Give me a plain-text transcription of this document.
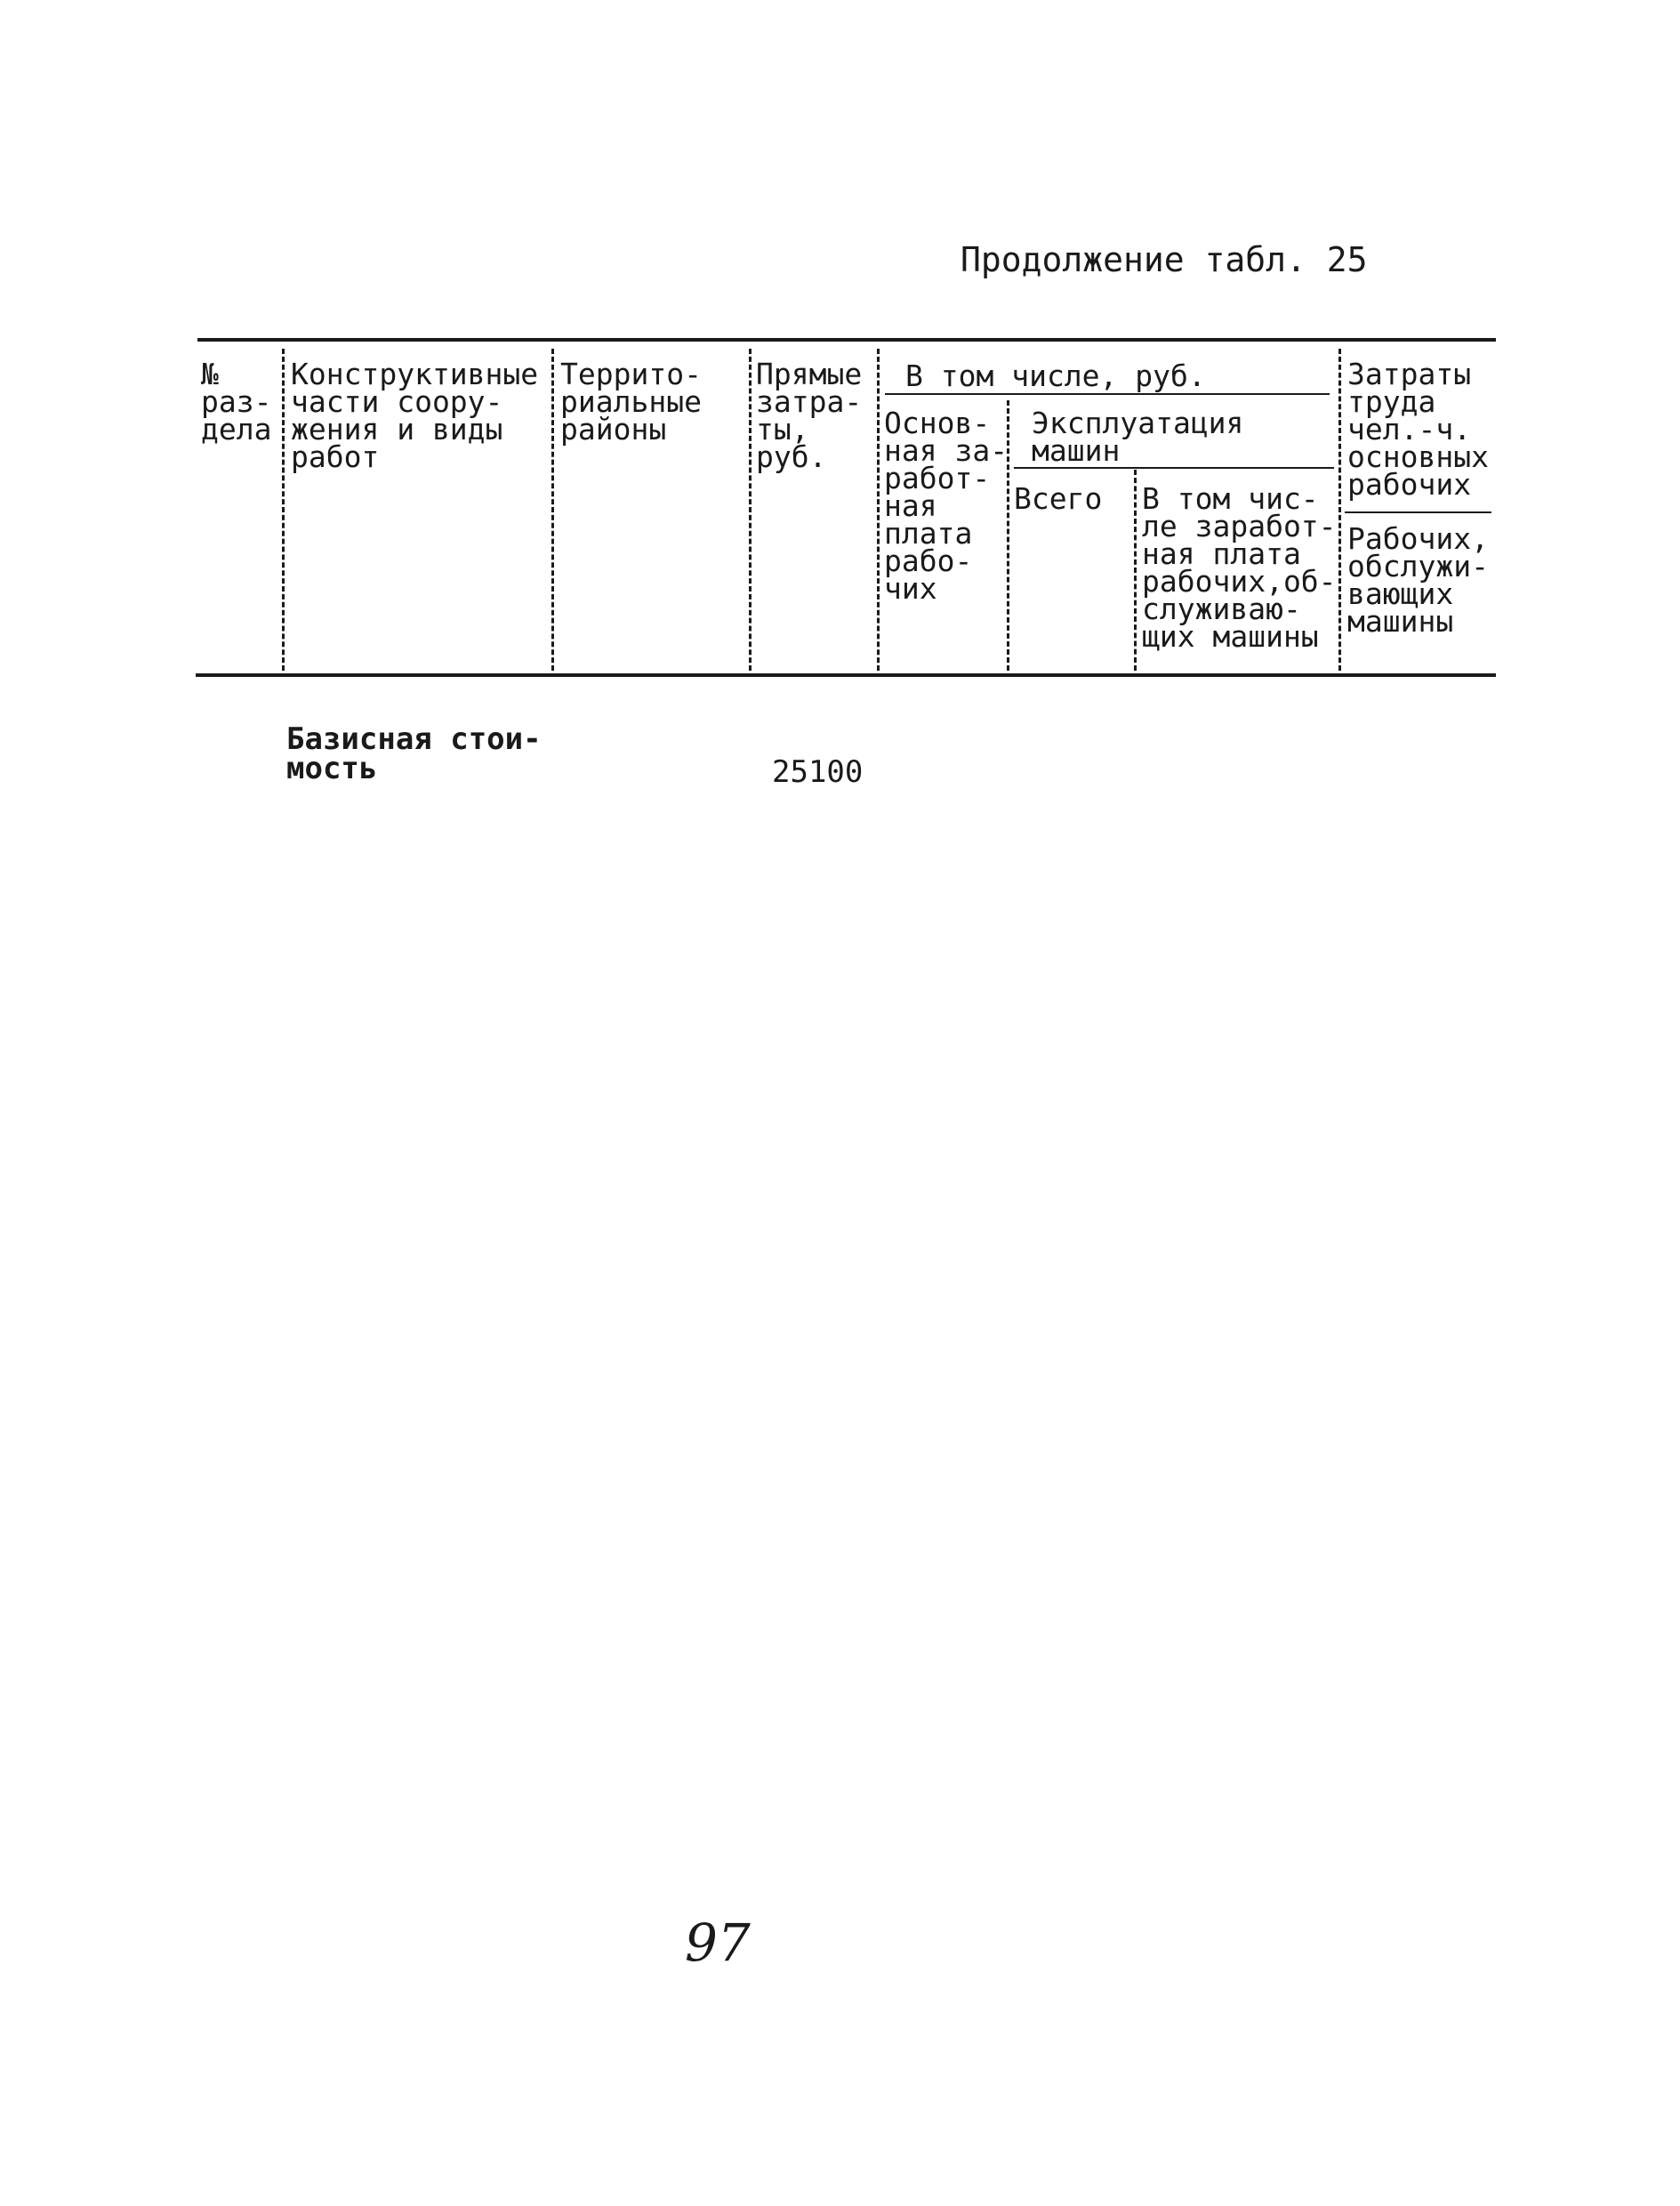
Продолжение табл. 25
№
раз-
дела
Конструктивные
части соору-
жения и виды
работ
Террито-
риальные
районы
Прямые
затра-
ты,
руб.
В том числе, руб.
Основ-
ная за-
работ-
ная
плата
рабо-
чих
Эксплуатация
машин
Всего В том чис-
ле заработ-
ная плата
рабочих,об-
служиваю-
щих машины
Затраты
труда
чел.-ч.
основных
рабочих
Рабочих,
обслужи-
вающих
машины
Базисная стои-
мость	25100
97
